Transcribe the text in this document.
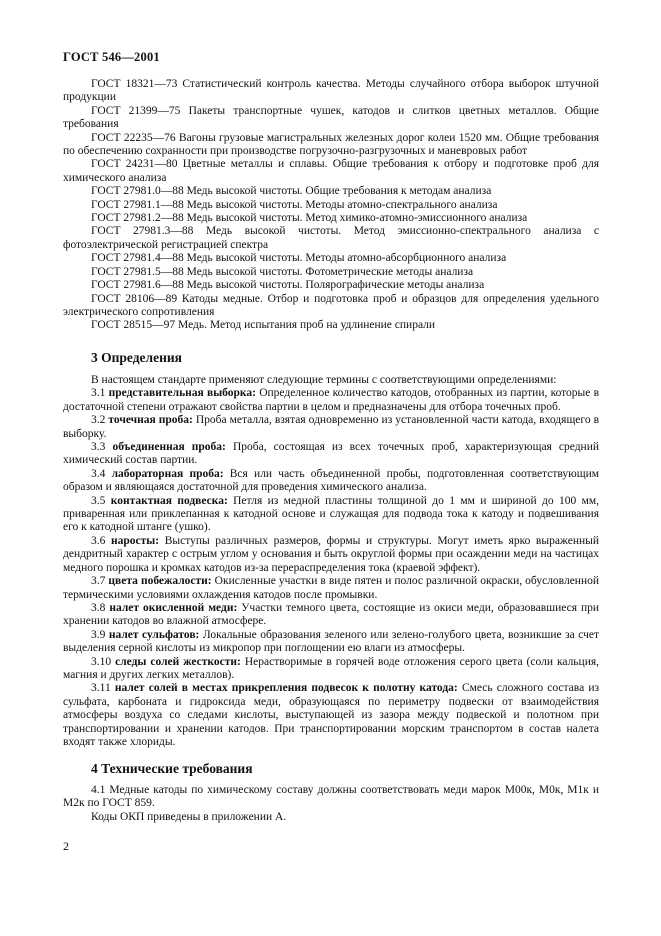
ГОСТ 546—2001

ГОСТ 18321—73 Статистический контроль качества. Методы случайного отбора выборок штучной продукции

ГОСТ 21399—75 Пакеты транспортные чушек, катодов и слитков цветных металлов. Общие требования

ГОСТ 22235—76 Вагоны грузовые магистральных железных дорог колеи 1520 мм. Общие требования по обеспечению сохранности при производстве погрузочно-разгрузочных и маневровых работ

ГОСТ 24231—80 Цветные металлы и сплавы. Общие требования к отбору и подготовке проб для химического анализа

ГОСТ 27981.0—88 Медь высокой чистоты. Общие требования к методам анализа

ГОСТ 27981.1—88 Медь высокой чистоты. Методы атомно-спектрального анализа

ГОСТ 27981.2—88 Медь высокой чистоты. Метод химико-атомно-эмиссионного анализа

ГОСТ 27981.3—88 Медь высокой чистоты. Метод эмиссионно-спектрального анализа с фотоэлектрической регистрацией спектра

ГОСТ 27981.4—88 Медь высокой чистоты. Методы атомно-абсорбционного анализа

ГОСТ 27981.5—88 Медь высокой чистоты. Фотометрические методы анализа

ГОСТ 27981.6—88 Медь высокой чистоты. Полярографические методы анализа

ГОСТ 28106—89 Катоды медные. Отбор и подготовка проб и образцов для определения удельного электрического сопротивления

ГОСТ 28515—97 Медь. Метод испытания проб на удлинение спирали

3 Определения

В настоящем стандарте применяют следующие термины с соответствующими определениями:

3.1 представительная выборка: Определенное количество катодов, отобранных из партии, которые в достаточной степени отражают свойства партии в целом и предназначены для отбора точечных проб.

3.2 точечная проба: Проба металла, взятая одновременно из установленной части катода, входящего в выборку.

3.3 объединенная проба: Проба, состоящая из всех точечных проб, характеризующая средний химический состав партии.

3.4 лабораторная проба: Вся или часть объединенной пробы, подготовленная соответствующим образом и являющаяся достаточной для проведения химического анализа.

3.5 контактная подвеска: Петля из медной пластины толщиной до 1 мм и шириной до 100 мм, приваренная или приклепанная к катодной основе и служащая для подвода тока к катоду и подвешивания его к катодной штанге (ушко).

3.6 наросты: Выступы различных размеров, формы и структуры. Могут иметь ярко выраженный дендритный характер с острым углом у основания и быть округлой формы при осаждении меди на частицах медного порошка и кромках катодов из-за перераспределения тока (краевой эффект).

3.7 цвета побежалости: Окисленные участки в виде пятен и полос различной окраски, обусловленной термическими условиями охлаждения катодов после промывки.

3.8 налет окисленной меди: Участки темного цвета, состоящие из окиси меди, образовавшиеся при хранении катодов во влажной атмосфере.

3.9 налет сульфатов: Локальные образования зеленого или зелено-голубого цвета, возникшие за счет выделения серной кислоты из микропор при поглощении ею влаги из атмосферы.

3.10 следы солей жесткости: Нерастворимые в горячей воде отложения серого цвета (соли кальция, магния и других легких металлов).

3.11 налет солей в местах прикрепления подвесок к полотну катода: Смесь сложного состава из сульфата, карбоната и гидроксида меди, образующаяся по периметру подвески от взаимодействия атмосферы воздуха со следами кислоты, выступающей из зазора между подвеской и полотном при транспортировании и хранении катодов. При транспортировании морским транспортом в состав налета входят также хлориды.

4 Технические требования

4.1 Медные катоды по химическому составу должны соответствовать меди марок М00к, М0к, М1к и М2к по ГОСТ 859.

Коды ОКП приведены в приложении А.

2
